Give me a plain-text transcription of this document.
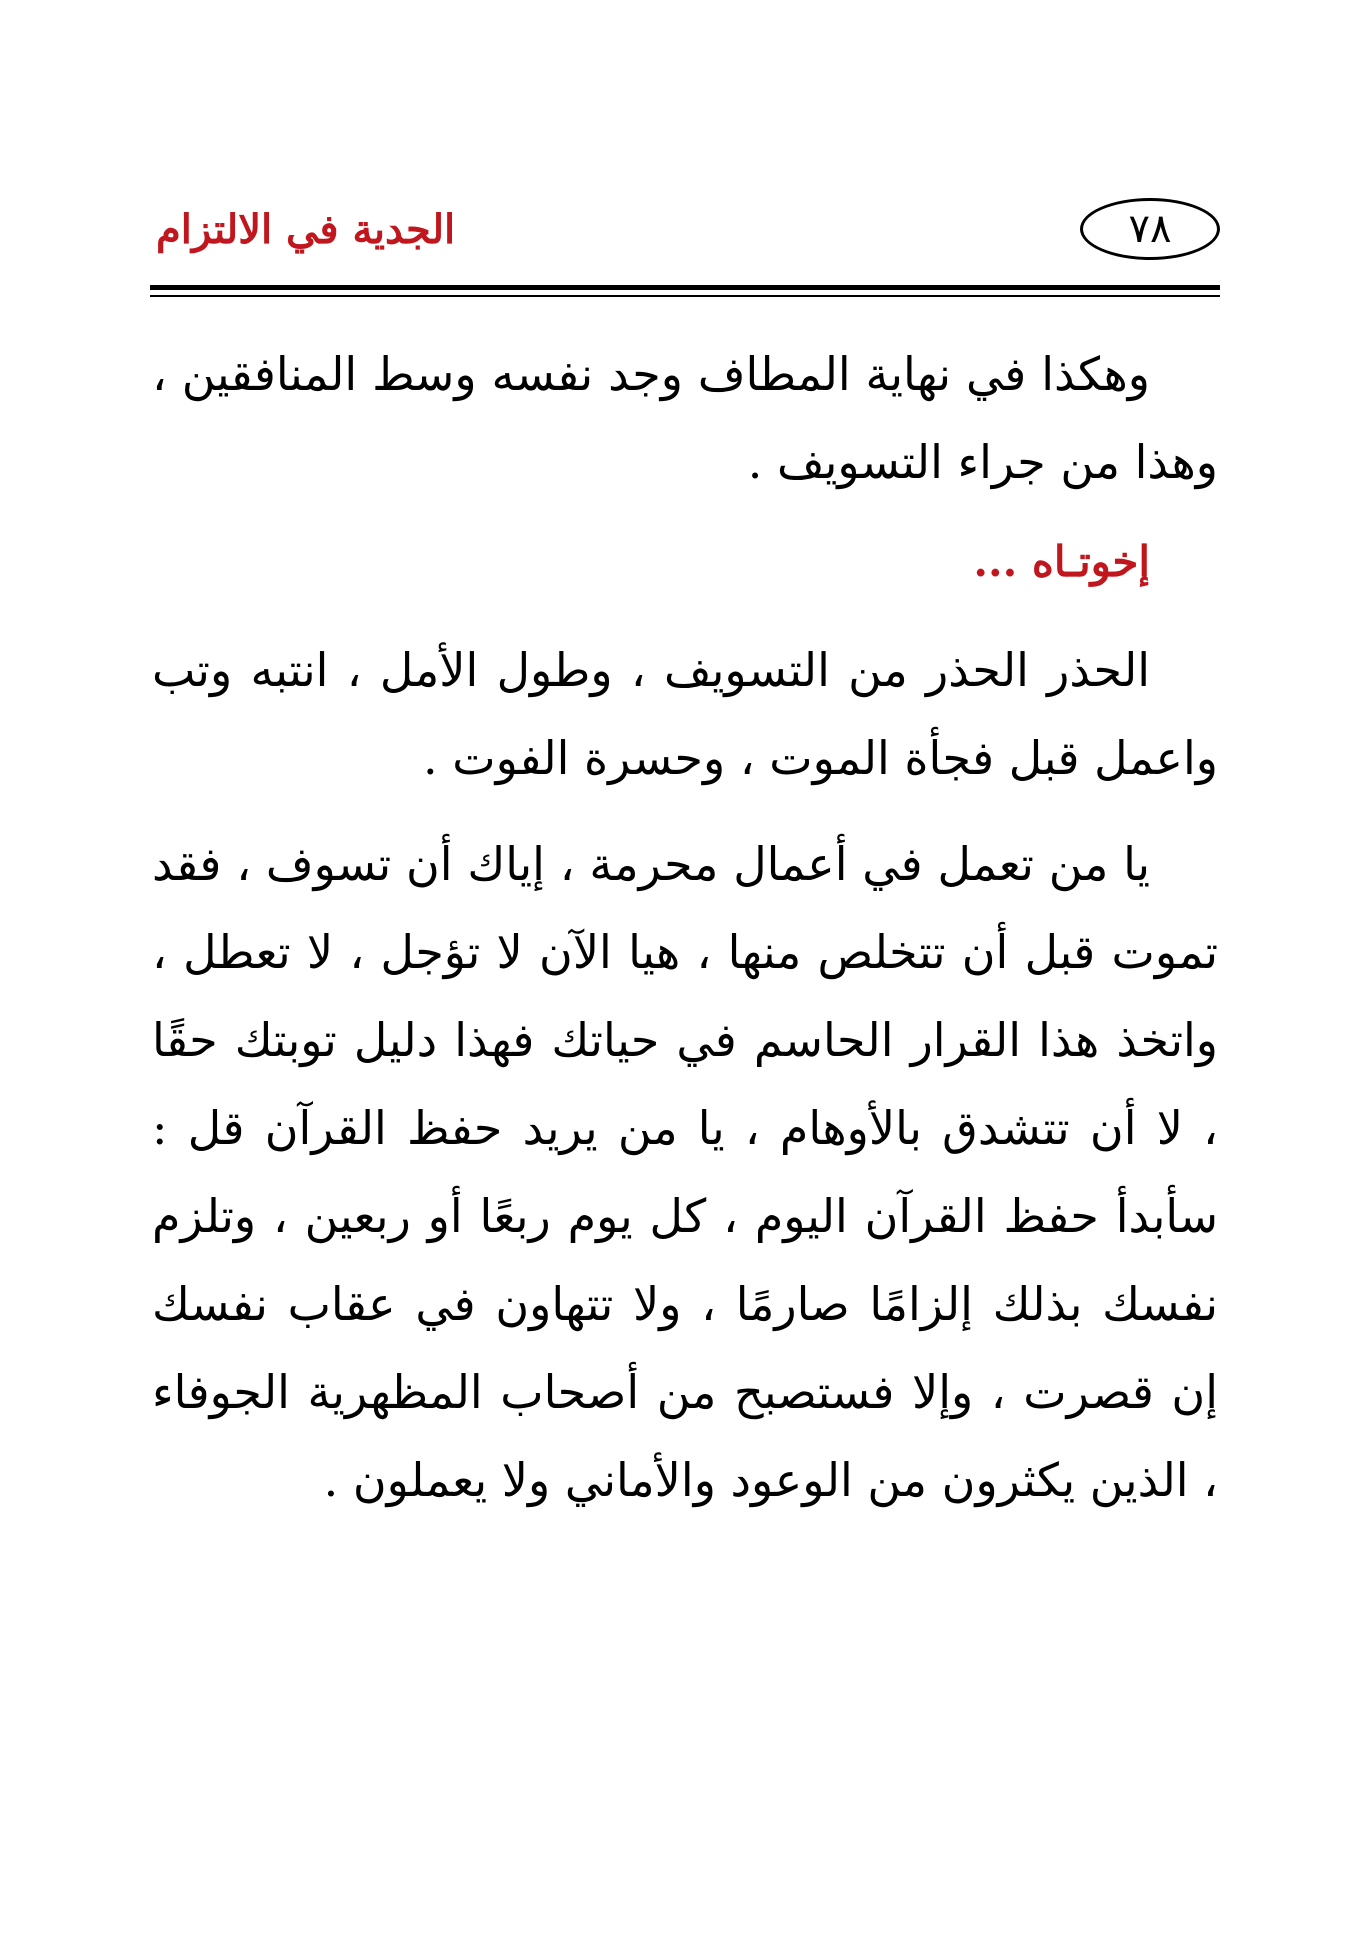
الجدية في الالتزام	٧٨

وهكذا في نهاية المطاف وجد نفسه وسط المنافقين ، وهذا من جراء التسويف .

إخوتـاه ...

الحذر الحذر من التسويف ، وطول الأمل ، انتبه وتب واعمل قبل فجأة الموت ، وحسرة الفوت .

يا من تعمل في أعمال محرمة ، إياك أن تسوف ، فقد تموت قبل أن تتخلص منها ، هيا الآن لا تؤجل ، لا تعطل ، واتخذ هذا القرار الحاسم في حياتك فهذا دليل توبتك حقًا ، لا أن تتشدق بالأوهام ، يا من يريد حفظ القرآن قل : سأبدأ حفظ القرآن اليوم ، كل يوم ربعًا أو ربعين ، وتلزم نفسك بذلك إلزامًا صارمًا ، ولا تتهاون في عقاب نفسك إن قصرت ، وإلا فستصبح من أصحاب المظهرية الجوفاء ، الذين يكثرون من الوعود والأماني ولا يعملون .
